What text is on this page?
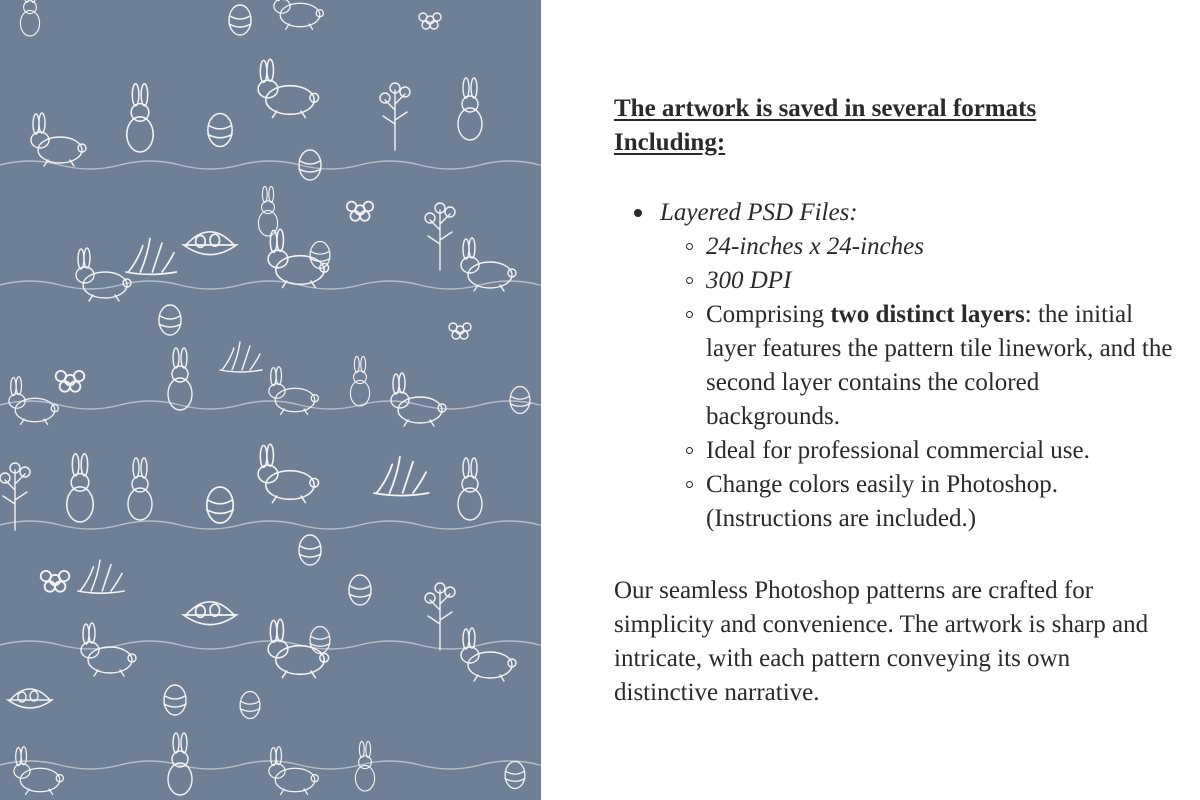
The artwork is saved in several formats
Including:

Layered PSD Files:
24-inches x 24-inches
300 DPI
Comprising two distinct layers: the initial layer features the pattern tile linework, and the second layer contains the colored backgrounds.
Ideal for professional commercial use.
Change colors easily in Photoshop. (Instructions are included.)

Our seamless Photoshop patterns are crafted for simplicity and convenience. The artwork is sharp and intricate, with each pattern conveying its own distinctive narrative.
